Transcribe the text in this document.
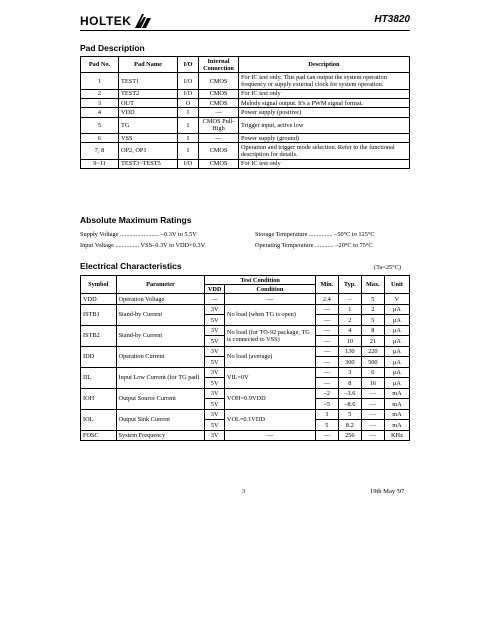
HOLTEK	HT3820
Pad Description
Pad No.	Pad Name	I/O	Internal Connection	Description
1	TEST1	I/O	CMOS	For IC test only. This pad can output the system operation frequency or supply external clock for system operation.
2	TEST2	I/O	CMOS	For IC test only
3	OUT	O	CMOS	Melody signal output. It's a PWM signal format.
4	VDD	I	—	Power supply (positive)
5	TG	I	CMOS Pull-High	Trigger input, active low
6	VSS	I	—	Power supply (ground)
7, 8	OP2, OP1	I	CMOS	Operation and trigger mode selection. Refer to the functional description for details.
9~11	TEST3~TEST5	I/O	CMOS	For IC test only
Absolute Maximum Ratings
Supply Voltage ......................... –0.3V to 5.5V
Input Voltage ............... VSS–0.3V to VDD+0.3V
Storage Temperature ............... –50°C to 125°C
Operating Temperature ............ –20°C to 75°C
Electrical Characteristics	(Ta=25°C)
Symbol	Parameter	Test Condition		Min.	Typ.	Max.	Unit
		VDD	Condition				
VDD	Operation Voltage	—	—	2.4	–	5	V
ISTB1	Stand-by Current	3V	No load (when TG is open)	—	1	2	μA
		5V		—	2	5	μA
ISTB2	Stand-by Current	3V	No load (for TO-92 package, TG is connected to VSS)	—	4	8	μA
		5V		—	10	21	μA
IDD	Operation Current	3V	No load (average)	—	130	220	μA
		5V		—	300	500	μA
IIL	Input Low Current (for TG pad)	3V	VIL=0V	—	3	6	μA
		5V		—	8	16	μA
IOH	Output Source Current	3V	VOH=0.9VDD	–2	–3.6	—	mA
		5V		–5	–8.6	—	mA
IOL	Output Sink Current	3V	VOL=0.1VDD	3	5	—	mA
		5V		5	8.2	—	mA
FOSC	System Frequency	3V	—	—	256	—	KHz
3	19th May '97
